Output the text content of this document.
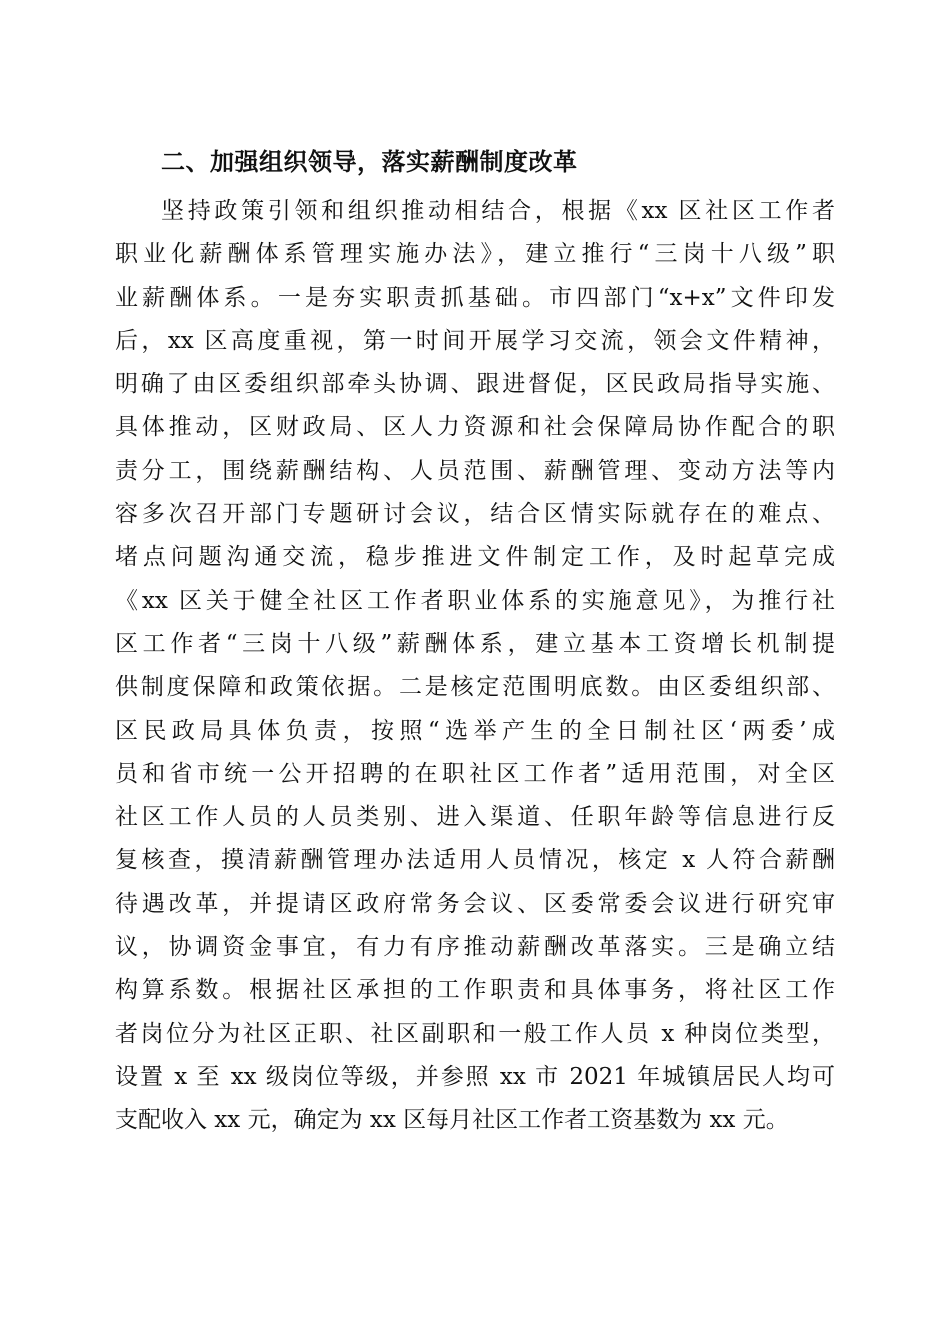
二、加强组织领导，落实薪酬制度改革
坚持政策引领和组织推动相结合，根据《xx 区社区工作者
职业化薪酬体系管理实施办法》，建立推行“三岗十八级”职
业薪酬体系。一是夯实职责抓基础。市四部门“x+x”文件印发
后，xx 区高度重视，第一时间开展学习交流，领会文件精神，
明确了由区委组织部牵头协调、跟进督促，区民政局指导实施、
具体推动，区财政局、区人力资源和社会保障局协作配合的职
责分工，围绕薪酬结构、人员范围、薪酬管理、变动方法等内
容多次召开部门专题研讨会议，结合区情实际就存在的难点、
堵点问题沟通交流，稳步推进文件制定工作，及时起草完成
《xx 区关于健全社区工作者职业体系的实施意见》，为推行社
区工作者“三岗十八级”薪酬体系，建立基本工资增长机制提
供制度保障和政策依据。二是核定范围明底数。由区委组织部、
区民政局具体负责，按照“选举产生的全日制社区‘两委’成
员和省市统一公开招聘的在职社区工作者”适用范围，对全区
社区工作人员的人员类别、进入渠道、任职年龄等信息进行反
复核查，摸清薪酬管理办法适用人员情况，核定 x 人符合薪酬
待遇改革，并提请区政府常务会议、区委常委会议进行研究审
议，协调资金事宜，有力有序推动薪酬改革落实。三是确立结
构算系数。根据社区承担的工作职责和具体事务，将社区工作
者岗位分为社区正职、社区副职和一般工作人员 x 种岗位类型，
设置 x 至 xx 级岗位等级，并参照 xx 市 2021 年城镇居民人均可
支配收入 xx 元，确定为 xx 区每月社区工作者工资基数为 xx 元。
